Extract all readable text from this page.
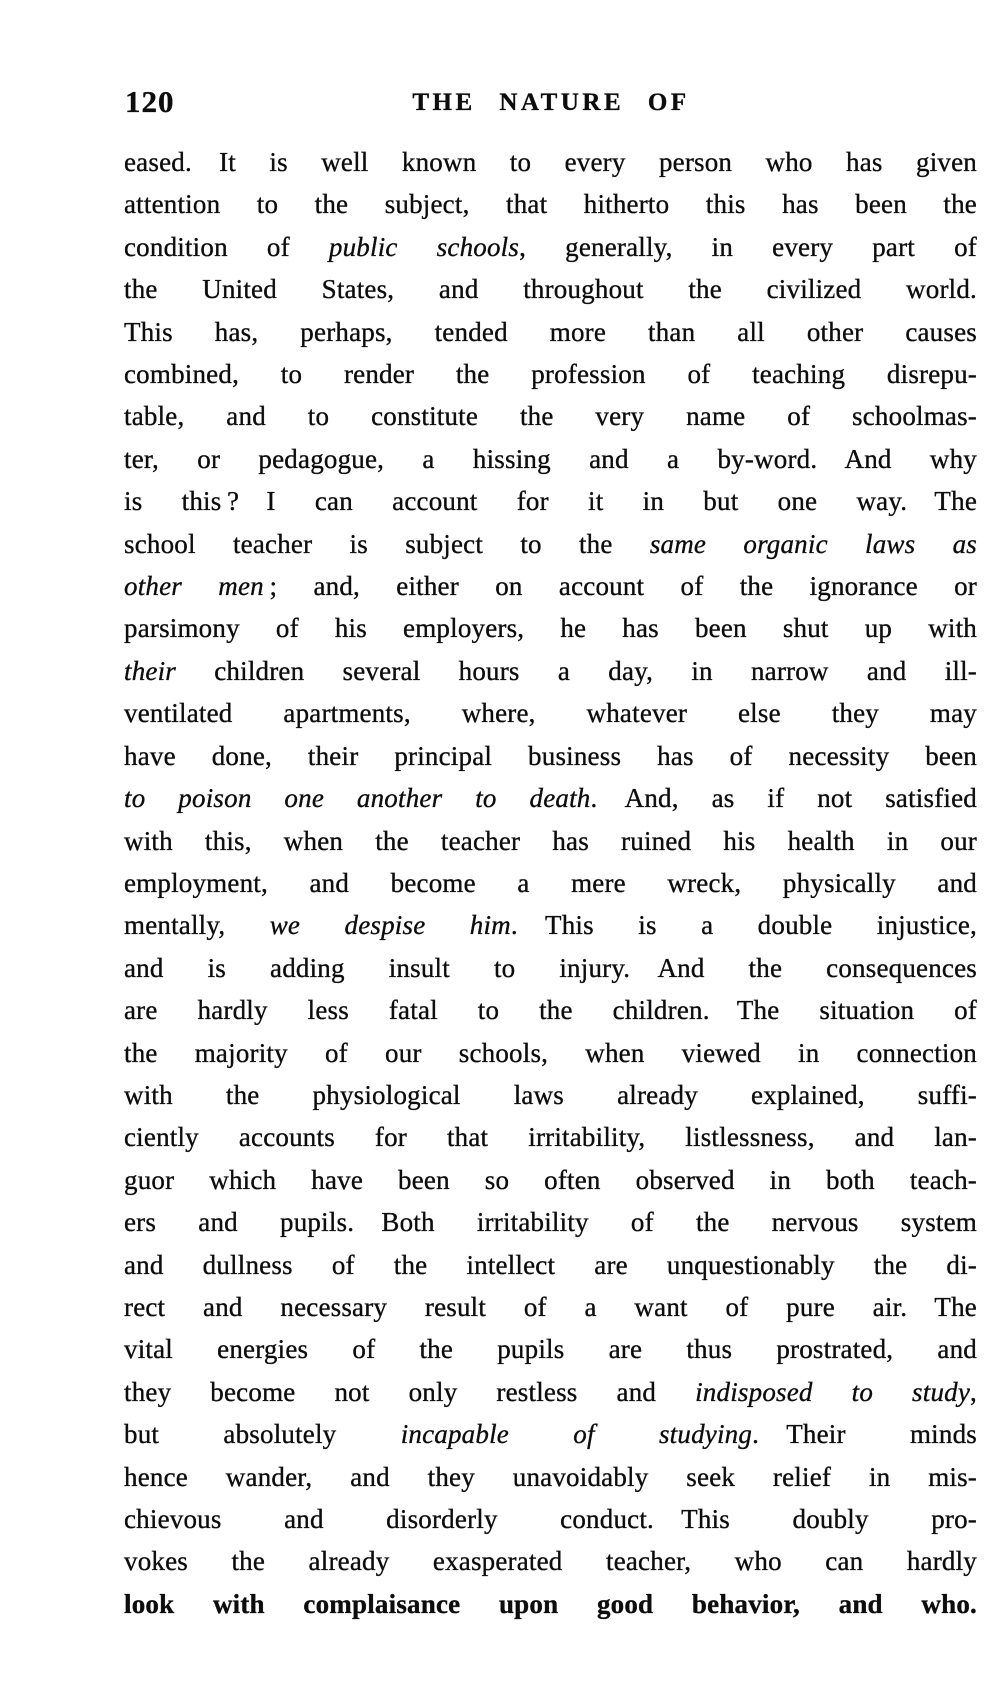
120	THE NATURE OF
eased. It is well known to every person who has given
attention to the subject, that hitherto this has been the
condition of public schools, generally, in every part of
the United States, and throughout the civilized world.
This has, perhaps, tended more than all other causes
combined, to render the profession of teaching disrepu-
table, and to constitute the very name of schoolmas-
ter, or pedagogue, a hissing and a by-word. And why
is this ? I can account for it in but one way. The
school teacher is subject to the same organic laws as
other men ; and, either on account of the ignorance or
parsimony of his employers, he has been shut up with
their children several hours a day, in narrow and ill-
ventilated apartments, where, whatever else they may
have done, their principal business has of necessity been
to poison one another to death. And, as if not satisfied
with this, when the teacher has ruined his health in our
employment, and become a mere wreck, physically and
mentally, we despise him. This is a double injustice,
and is adding insult to injury. And the consequences
are hardly less fatal to the children. The situation of
the majority of our schools, when viewed in connection
with the physiological laws already explained, suffi-
ciently accounts for that irritability, listlessness, and lan-
guor which have been so often observed in both teach-
ers and pupils. Both irritability of the nervous system
and dullness of the intellect are unquestionably the di-
rect and necessary result of a want of pure air. The
vital energies of the pupils are thus prostrated, and
they become not only restless and indisposed to study,
but absolutely incapable of studying. Their minds
hence wander, and they unavoidably seek relief in mis-
chievous and disorderly conduct. This doubly pro-
vokes the already exasperated teacher, who can hardly
look with complaisance upon good behavior, and who.
